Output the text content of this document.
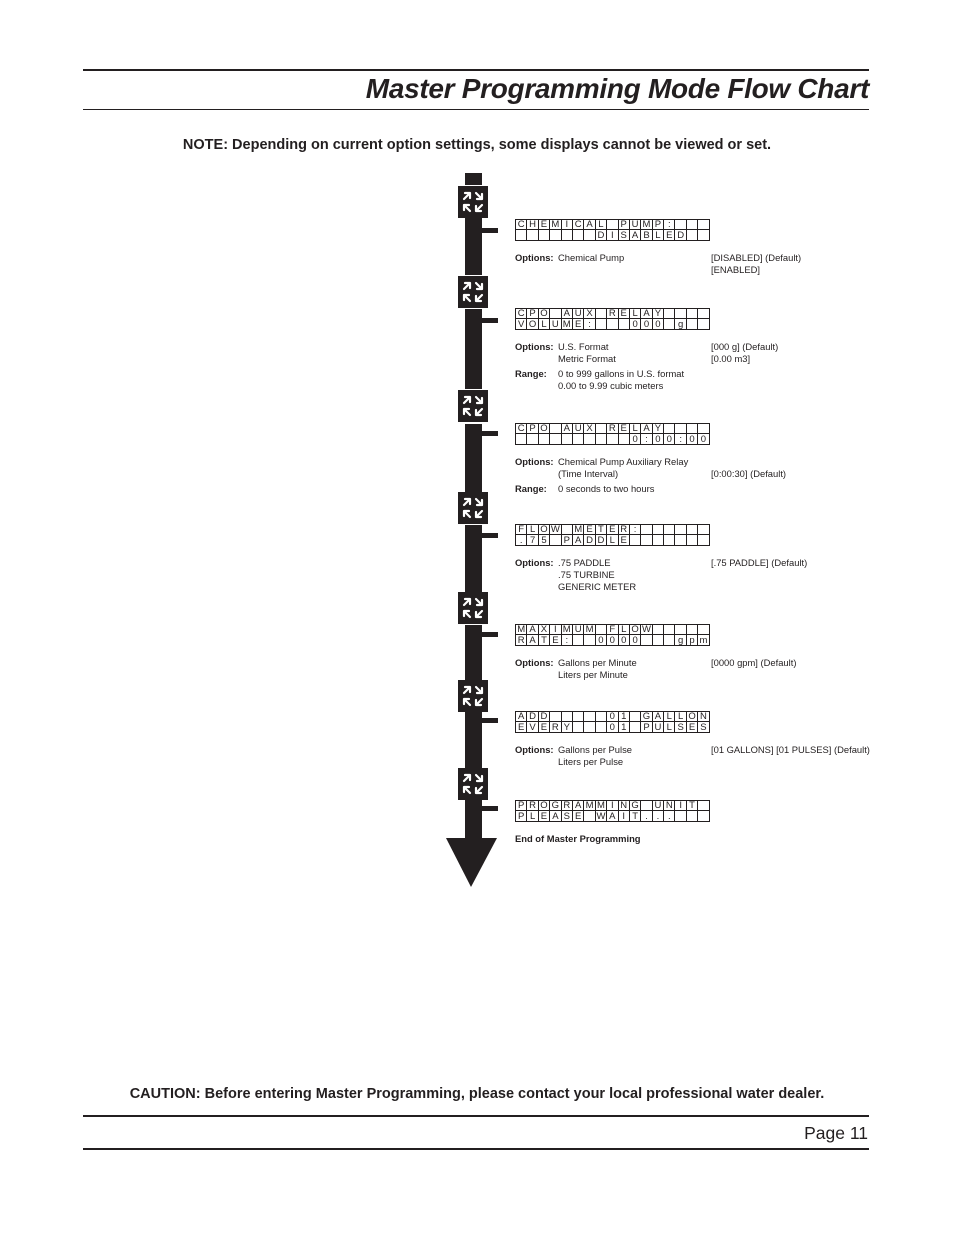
Master Programming Mode Flow Chart
NOTE: Depending on current option settings, some displays cannot be viewed or set.
C	H	E	M	I	C	A	L		P	U	M	P	:			
							D	I	S	A	B	L	E	D		
Options: Chemical Pump	[DISABLED] (Default)
[ENABLED]
C	P	O		A	U	X		R	E	L	A	Y				
V	O	L	U	M	E	:				0	0	0		g		
Options: U.S. Format	[000 g] (Default)
Metric Format	[0.00 m3]
Range: 0 to 999 gallons in U.S. format
0.00 to 9.99 cubic meters
C	P	O		A	U	X		R	E	L	A	Y				
										0	:	0	0	:	0	0
Options: Chemical Pump Auxiliary Relay
(Time Interval)	[0:00:30] (Default)
Range: 0 seconds to two hours
F	L	O	W		M	E	T	E	R	:						
.	7	5		P	A	D	D	L	E							
Options: .75 PADDLE	[.75 PADDLE] (Default)
.75 TURBINE
GENERIC METER
M	A	X	I	M	U	M		F	L	O	W					
R	A	T	E	:			0	0	0	0				g	p	m
Options: Gallons per Minute	[0000 gpm] (Default)
Liters per Minute
A	D	D						0	1		G	A	L	L	O	N
E	V	E	R	Y				0	1		P	U	L	S	E	S
Options: Gallons per Pulse	[01 GALLONS] [01 PULSES] (Default)
Liters per Pulse
P	R	O	G	R	A	M	M	I	N	G		U	N	I	T	
P	L	E	A	S	E		W	A	I	T	.	.	.			
End of Master Programming
CAUTION: Before entering Master Programming, please contact your local professional water dealer.
Page 11
